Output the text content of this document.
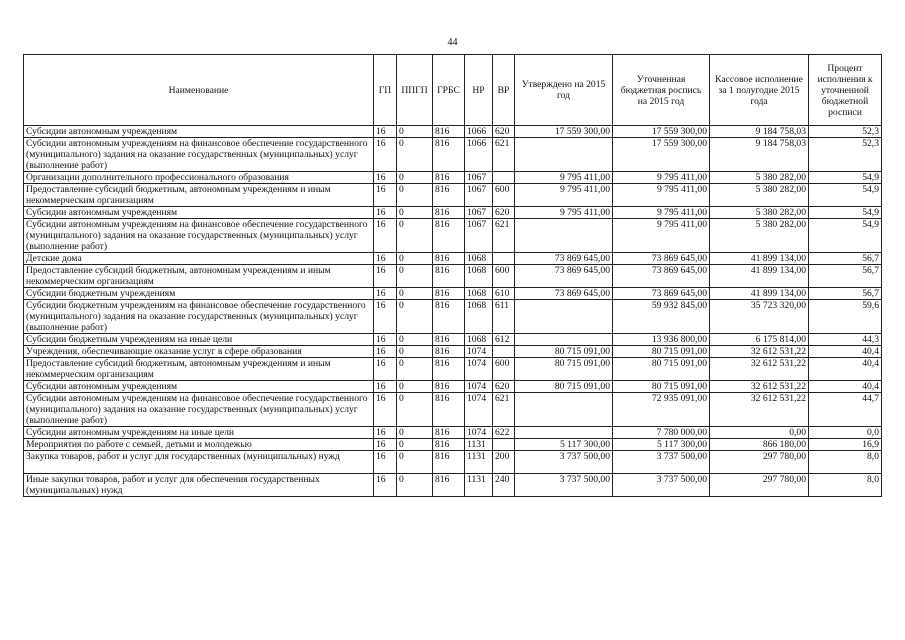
44
Наименование	ГП	ППГП	ГРБС	НР	ВР	Утверждено на 2015 год	Уточненная бюджетная роспись на 2015 год	Кассовое исполнение за 1 полугодие 2015 года	Процент исполнения к уточненной бюджетной росписи
Субсидии автономным учреждениям	16	0	816	1066	620	17 559 300,00	17 559 300,00	9 184 758,03	52,3
Субсидии автономным учреждениям на финансовое обеспечение государственного (муниципального) задания на оказание государственных (муниципальных) услуг (выполнение работ)	16	0	816	1066	621		17 559 300,00	9 184 758,03	52,3
Организации дополнительного профессионального образования	16	0	816	1067		9 795 411,00	9 795 411,00	5 380 282,00	54,9
Предоставление субсидий бюджетным, автономным учреждениям и иным некоммерческим организациям	16	0	816	1067	600	9 795 411,00	9 795 411,00	5 380 282,00	54,9
Субсидии автономным учреждениям	16	0	816	1067	620	9 795 411,00	9 795 411,00	5 380 282,00	54,9
Субсидии автономным учреждениям на финансовое обеспечение государственного (муниципального) задания на оказание государственных (муниципальных) услуг (выполнение работ)	16	0	816	1067	621		9 795 411,00	5 380 282,00	54,9
Детские дома	16	0	816	1068		73 869 645,00	73 869 645,00	41 899 134,00	56,7
Предоставление субсидий бюджетным, автономным учреждениям и иным некоммерческим организациям	16	0	816	1068	600	73 869 645,00	73 869 645,00	41 899 134,00	56,7
Субсидии бюджетным учреждениям	16	0	816	1068	610	73 869 645,00	73 869 645,00	41 899 134,00	56,7
Субсидии бюджетным учреждениям на финансовое обеспечение государственного (муниципального) задания на оказание государственных (муниципальных) услуг (выполнение работ)	16	0	816	1068	611		59 932 845,00	35 723 320,00	59,6
Субсидии бюджетным учреждениям на иные цели	16	0	816	1068	612		13 936 800,00	6 175 814,00	44,3
Учреждения, обеспечивающие оказание услуг в сфере образования	16	0	816	1074		80 715 091,00	80 715 091,00	32 612 531,22	40,4
Предоставление субсидий бюджетным, автономным учреждениям и иным некоммерческим организациям	16	0	816	1074	600	80 715 091,00	80 715 091,00	32 612 531,22	40,4
Субсидии автономным учреждениям	16	0	816	1074	620	80 715 091,00	80 715 091,00	32 612 531,22	40,4
Субсидии автономным учреждениям на финансовое обеспечение государственного (муниципального) задания на оказание государственных (муниципальных) услуг (выполнение работ)	16	0	816	1074	621		72 935 091,00	32 612 531,22	44,7
Субсидии автономным учреждениям на иные цели	16	0	816	1074	622		7 780 000,00	0,00	0,0
Мероприятия по работе с семьей, детьми и молодежью	16	0	816	1131		5 117 300,00	5 117 300,00	866 180,00	16,9
Закупка товаров, работ и услуг для государственных (муниципальных) нужд	16	0	816	1131	200	3 737 500,00	3 737 500,00	297 780,00	8,0
Иные закупки товаров, работ и услуг для обеспечения государственных (муниципальных) нужд	16	0	816	1131	240	3 737 500,00	3 737 500,00	297 780,00	8,0
